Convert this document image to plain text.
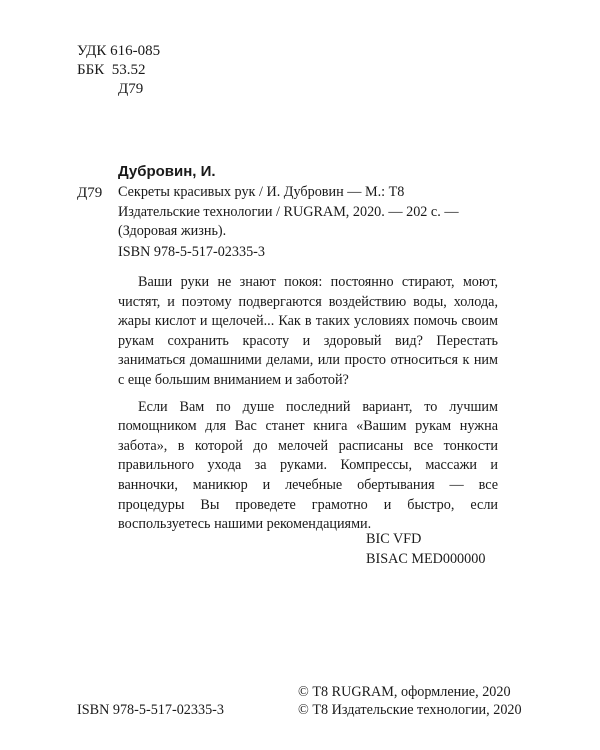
УДК 616-085
ББК  53.52
Д79
Дубровин, И.
Д79 Секреты красивых рук / И. Дубровин — М.: Т8 Издательские технологии / RUGRAM, 2020. — 202 с. — (Здоровая жизнь).
ISBN 978-5-517-02335-3

Ваши руки не знают покоя: постоянно стирают, моют, чистят, и поэтому подвергаются воздействию воды, холода, жары кислот и щелочей... Как в таких условиях помочь своим рукам сохранить красоту и здоровый вид? Перестать заниматься домашними делами, или просто относиться к ним с еще большим вниманием и заботой?

Если Вам по душе последний вариант, то лучшим помощником для Вас станет книга «Вашим рукам нужна забота», в которой до мелочей расписаны все тонкости правильного ухода за руками. Компрессы, массажи и ванночки, маникюр и лечебные обертывания — все процедуры Вы проведете грамотно и быстро, если воспользуетесь нашими рекомендациями.

BIC VFD
BISAC MED000000
ISBN 978-5-517-02335-3
© Т8 RUGRAM, оформление, 2020
© Т8 Издательские технологии, 2020
